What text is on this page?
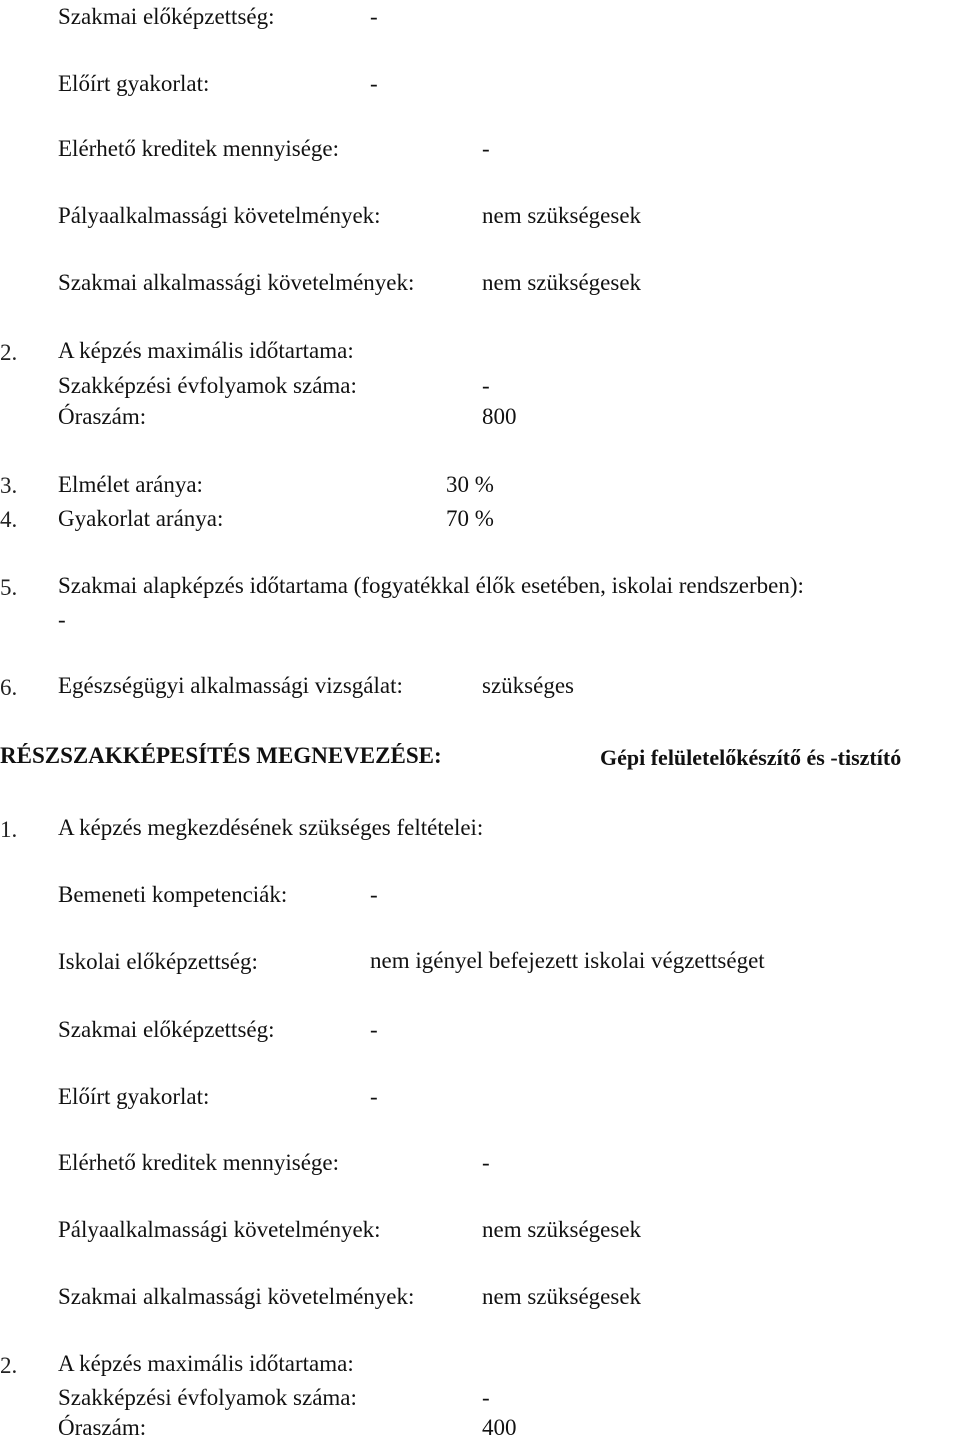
Szakmai előképzettség:	-
Előírt gyakorlat:	-
Elérhető kreditek mennyisége:	-
Pályaalkalmassági követelmények:	nem szükségesek
Szakmai alkalmassági követelmények:	nem szükségesek
2. A képzés maximális időtartama:
Szakképzési évfolyamok száma:	-
Óraszám:	800
3. Elmélet aránya:	30 %
4. Gyakorlat aránya:	70 %
5. Szakmai alapképzés időtartama (fogyatékkal élők esetében, iskolai rendszerben):
-
6. Egészségügyi alkalmassági vizsgálat:	szükséges
RÉSZSZAKKÉPESÍTÉS MEGNEVEZÉSE:	Gépi felületelőkészítő és -tisztító
1. A képzés megkezdésének szükséges feltételei:
Bemeneti kompetenciák:	-
Iskolai előképzettség:	nem igényel befejezett iskolai végzettséget
Szakmai előképzettség:	-
Előírt gyakorlat:	-
Elérhető kreditek mennyisége:	-
Pályaalkalmassági követelmények:	nem szükségesek
Szakmai alkalmassági követelmények:	nem szükségesek
2. A képzés maximális időtartama:
Szakképzési évfolyamok száma:	-
Óraszám:	400
